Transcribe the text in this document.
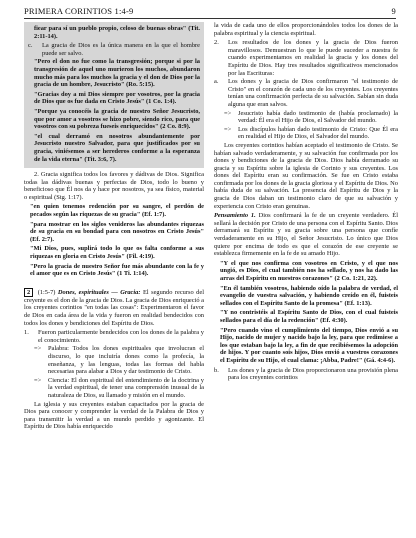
PRIMERA CORINTIOS 1:4-9	9

fiear para sí un pueblo propio, celoso de buenas obras" (Tit. 2:11-14).

c.	La gracia de Dios es la única manera en la que el hombre puede ser salvo.

"Pero el don no fue como la transgresión; porque si por la transgresión de aquel uno murieron los muchos, abundaron mucho más para los muchos la gracia y el don de Dios por la gracia de un hombre, Jesucristo" (Ro. 5:15).

"Gracias doy a mi Dios siempre por vosotros, por la gracia de Dios que os fue dada en Cristo Jesús" (1 Co. 1:4).

"Porque ya conocéis la gracia de nuestro Señor Jesucristo, que por amor a vosotros se hizo pobre, siendo rico, para que vosotros con su pobreza fueseis enriquecidos" (2 Co. 8:9).

"el cual derramó en nosotros abundantemente por Jesucristo nuestro Salvador, para que justificados por su gracia, viniésemos a ser herederos conforme a la esperanza de la vida eterna" (Tit. 3:6, 7).

2. Gracia significa todos los favores y dádivas de Dios. Significa todas las dádivas buenas y perfectas de Dios, todo lo bueno y beneficioso que Él nos da y hace por nosotros, ya sea físico, material o espiritual (Stg. 1:17).

"en quien tenemos redención por su sangre, el perdón de pecados según las riquezas de su gracia" (Ef. 1:7).

"para mostrar en los siglos venideros las abundantes riquezas de su gracia en su bondad para con nosotros en Cristo Jesús" (Ef. 2:7).

"Mi Dios, pues, suplirá todo lo que os falta conforme a sus riquezas en gloria en Cristo Jesús" (Fil. 4:19).

"Pero la gracia de nuestro Señor fue más abundante con la fe y el amor que es en Cristo Jesús" (1 Ti. 1:14).

2 (1:5-7) Dones, espirituales — Gracia: El segundo recurso del creyente es el don de la gracia de Dios. La gracia de Dios enriqueció a los creyentes corintios "en todas las cosas": Experimentaron el favor de Dios en cada área de la vida y fueron en realidad bendecidos con todos los dones y bendiciones del Espíritu de Dios.

1.	Fueron particularmente bendecidos con los dones de la palabra y el conocimiento.
=>	Palabra: Todos los dones espirituales que involucran el discurso, lo que incluiría dones como la profecía, la enseñanza, y las lenguas, todas las formas del habla necesarias para alabar a Dios y dar testimonio de Cristo.
=>	Ciencia: El don espiritual del entendimiento de la doctrina y la verdad espiritual, de tener una comprensión inusual de la naturaleza de Dios, su llamado y misión en el mundo.

La iglesia y sus creyentes estaban capacitados por la gracia de Dios para conocer y comprender la verdad de la Palabra de Dios y para transmitir la verdad a un mundo perdido y agonizante. El Espíritu de Dios había enriquecido

la vida de cada uno de ellos proporcionándoles todos los dones de la palabra espiritual y la ciencia espiritual.

2.	Los resultados de los dones y la gracia de Dios fueron maravillosos. Demuestran lo que le puede suceder a nuestra fe cuando experimentamos en realidad la gracia y los dones del Espíritu de Dios. Hay tres resultados significativos mencionados por las Escrituras:
a.	Los dones y la gracia de Dios confirmaron "el testimonio de Cristo" en el corazón de cada uno de los creyentes. Los creyentes tenían una confirmación perfecta de su salvación. Sabían sin duda alguna que eran salvos.
=>	Jesucristo había dado testimonio de (había proclamado) la verdad: Él era el Hijo de Dios, el Salvador del mundo.
=>	Los discípulos habían dado testimonio de Cristo: Que Él era en realidad el Hijo de Dios, el Salvador del mundo.

Los creyentes corintios habían aceptado el testimonio de Cristo. Se habían salvado verdaderamente, y su salvación fue confirmada por los dones y bendiciones de la gracia de Dios. Dios había derramado su gracia y su Espíritu sobre la iglesia de Corinto y sus creyentes. Los dones del Espíritu eran su confirmación. Se fue en Cristo estaba confirmada por los dones de la gracia gloriosa y el Espíritu de Dios. No había duda de su salvación. La presencia del Espíritu de Dios y la gracia de Dios daban un testimonio claro de que su salvación y experiencia con Cristo eran genuinas.

Pensamiento 1. Dios confirmará la fe de un creyente verdadero. Él sellará la decisión por Cristo de una persona con el Espíritu Santo. Dios derramará su Espíritu y su gracia sobre una persona que confíe verdaderamente en su Hijo, el Señor Jesucristo. Lo único que Dios quiere por encima de todo es que el corazón de ese creyente se establezca firmemente en la fe de su amado Hijo.

"Y el que nos confirma con vosotros en Cristo, y el que nos ungió, es Dios, el cual también nos ha sellado, y nos ha dado las arras del Espíritu en nuestros corazones" (2 Co. 1:21, 22).

"En él también vosotros, habiendo oído la palabra de verdad, el evangelio de vuestra salvación, y habiendo creído en él, fuisteis sellados con el Espíritu Santo de la promesa" (Ef. 1:13).

"Y no contristéis al Espíritu Santo de Dios, con el cual fuisteis sellados para el día de la redención" (Ef. 4:30).

"Pero cuando vino el cumplimiento del tiempo, Dios envió a su Hijo, nacido de mujer y nacido bajo la ley, para que redimiese a los que estaban bajo la ley, a fin de que recibiésemos la adopción de hijos. Y por cuanto sois hijos, Dios envió a vuestros corazones el Espíritu de su Hijo, el cual clama: ¡Abba, Padre!" (Gá. 4:4-6).

b.	Los dones y la gracia de Dios proporcionaron una provisión plena para los creyentes corintios
